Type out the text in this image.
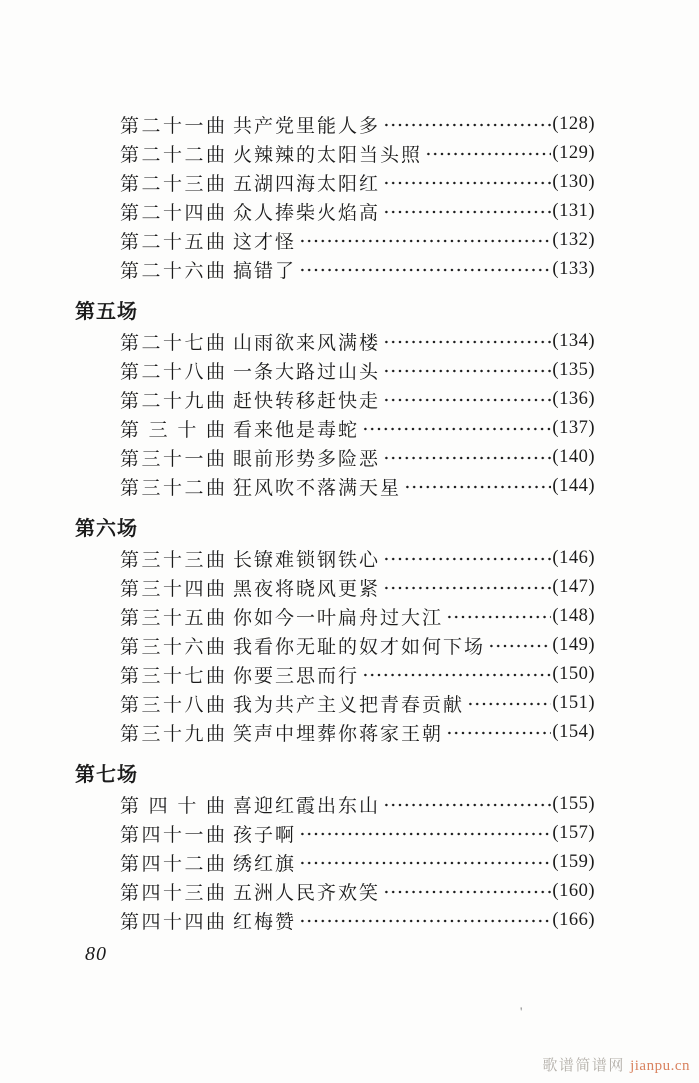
第二十一曲 共产党里能人多	(128)
第二十二曲 火辣辣的太阳当头照	(129)
第二十三曲 五湖四海太阳红	(130)
第二十四曲 众人捧柴火焰高	(131)
第二十五曲 这才怪	(132)
第二十六曲 搞错了	(133)
第五场
第二十七曲 山雨欲来风满楼	(134)
第二十八曲 一条大路过山头	(135)
第二十九曲 赶快转移赶快走	(136)
第三十曲 看来他是毒蛇	(137)
第三十一曲 眼前形势多险恶	(140)
第三十二曲 狂风吹不落满天星	(144)
第六场
第三十三曲 长镣难锁钢铁心	(146)
第三十四曲 黑夜将晓风更紧	(147)
第三十五曲 你如今一叶扁舟过大江	(148)
第三十六曲 我看你无耻的奴才如何下场	(149)
第三十七曲 你要三思而行	(150)
第三十八曲 我为共产主义把青春贡献	(151)
第三十九曲 笑声中埋葬你蒋家王朝	(154)
第七场
第四十曲 喜迎红霞出东山	(155)
第四十一曲 孩子啊	(157)
第四十二曲 绣红旗	(159)
第四十三曲 五洲人民齐欢笑	(160)
第四十四曲 红梅赞	(166)
80
'
歌谱简谱网 jianpu.cn
